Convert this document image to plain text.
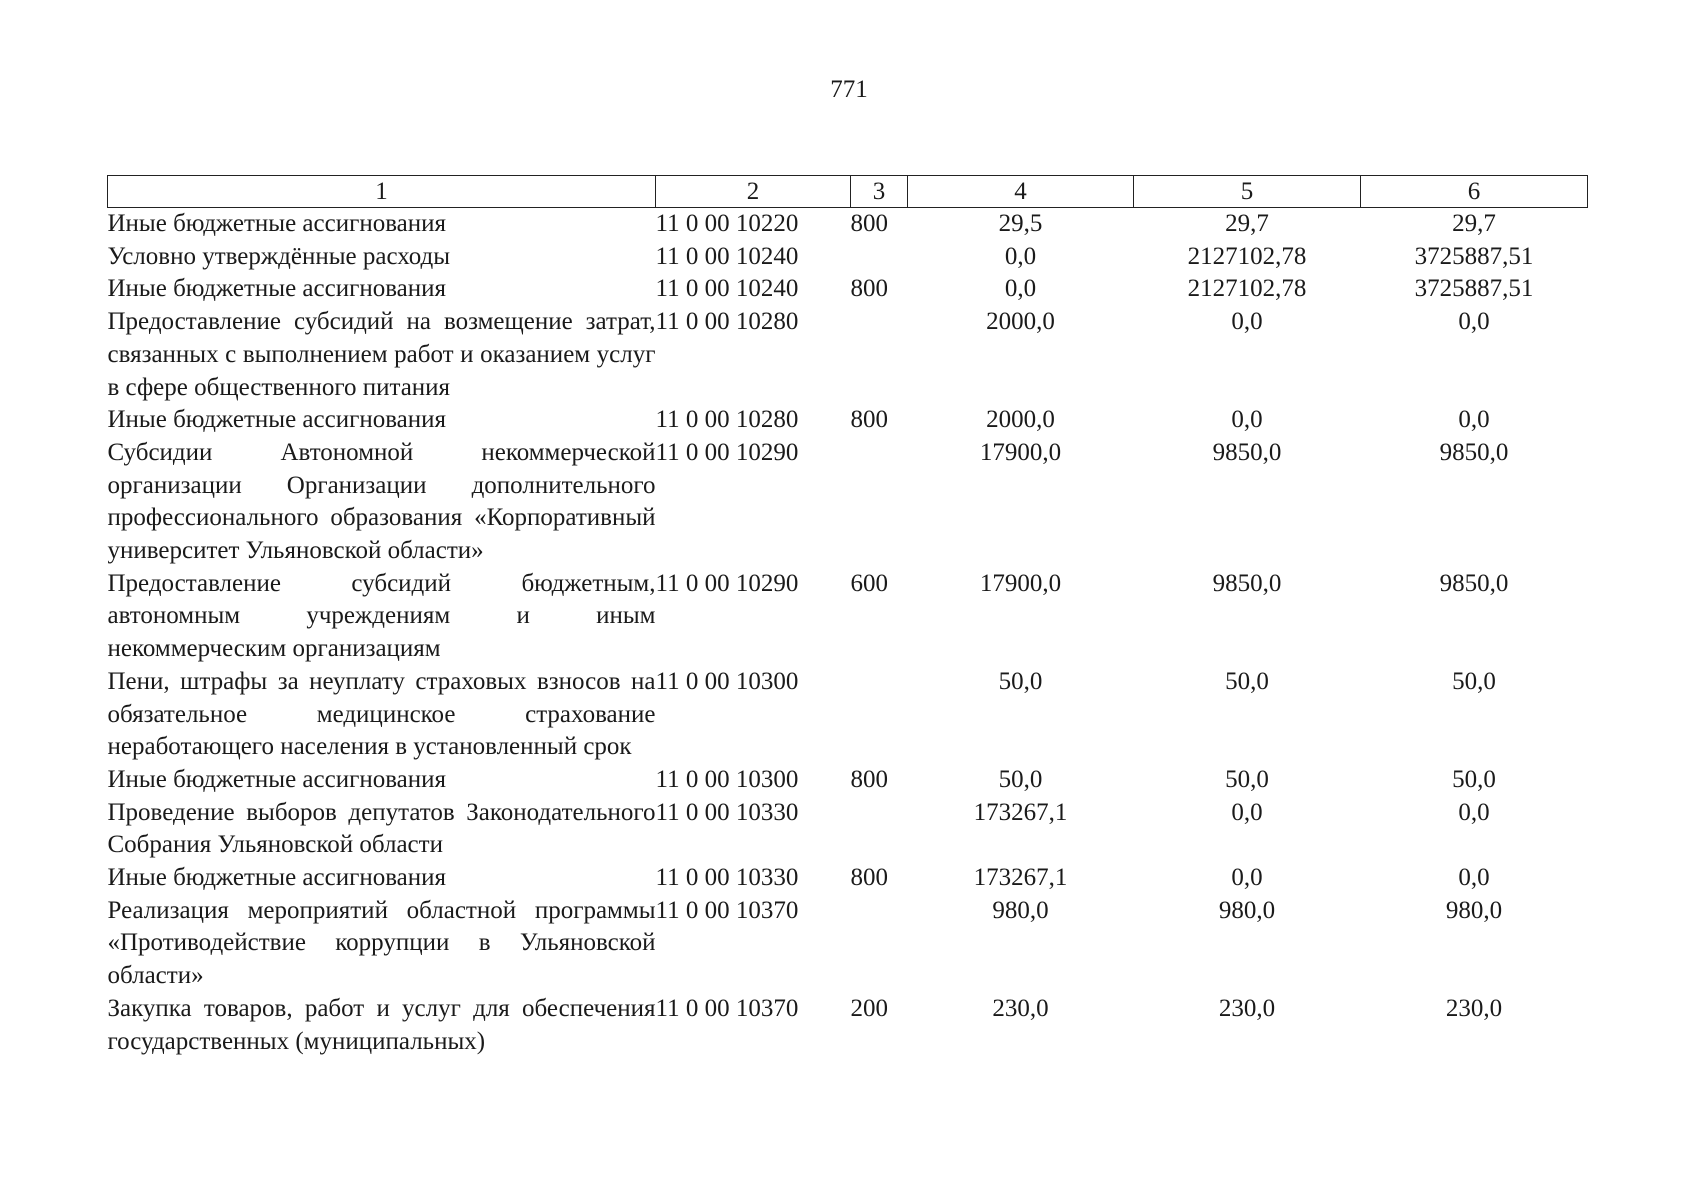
771
1	2	3	4	5	6
Иные бюджетные ассигнования	11 0 00 10220	800	29,5	29,7	29,7
Условно утверждённые расходы	11 0 00 10240		0,0	2127102,78	3725887,51
Иные бюджетные ассигнования	11 0 00 10240	800	0,0	2127102,78	3725887,51
Предоставление субсидий на возмещение затрат, связанных с выполнением работ и оказанием услуг в сфере общественного питания	11 0 00 10280		2000,0	0,0	0,0
Иные бюджетные ассигнования	11 0 00 10280	800	2000,0	0,0	0,0
Субсидии Автономной некоммерческой организации Организации дополнительного профессионального образования «Корпоративный университет Ульяновской области»	11 0 00 10290		17900,0	9850,0	9850,0
Предоставление субсидий бюджетным, автономным учреждениям и иным некоммерческим организациям	11 0 00 10290	600	17900,0	9850,0	9850,0
Пени, штрафы за неуплату страховых взносов на обязательное медицинское страхование неработающего населения в установленный срок	11 0 00 10300		50,0	50,0	50,0
Иные бюджетные ассигнования	11 0 00 10300	800	50,0	50,0	50,0
Проведение выборов депутатов Законодательного Собрания Ульяновской области	11 0 00 10330		173267,1	0,0	0,0
Иные бюджетные ассигнования	11 0 00 10330	800	173267,1	0,0	0,0
Реализация мероприятий областной программы «Противодействие коррупции в Ульяновской области»	11 0 00 10370		980,0	980,0	980,0
Закупка товаров, работ и услуг для обеспечения государственных (муниципальных)	11 0 00 10370	200	230,0	230,0	230,0
